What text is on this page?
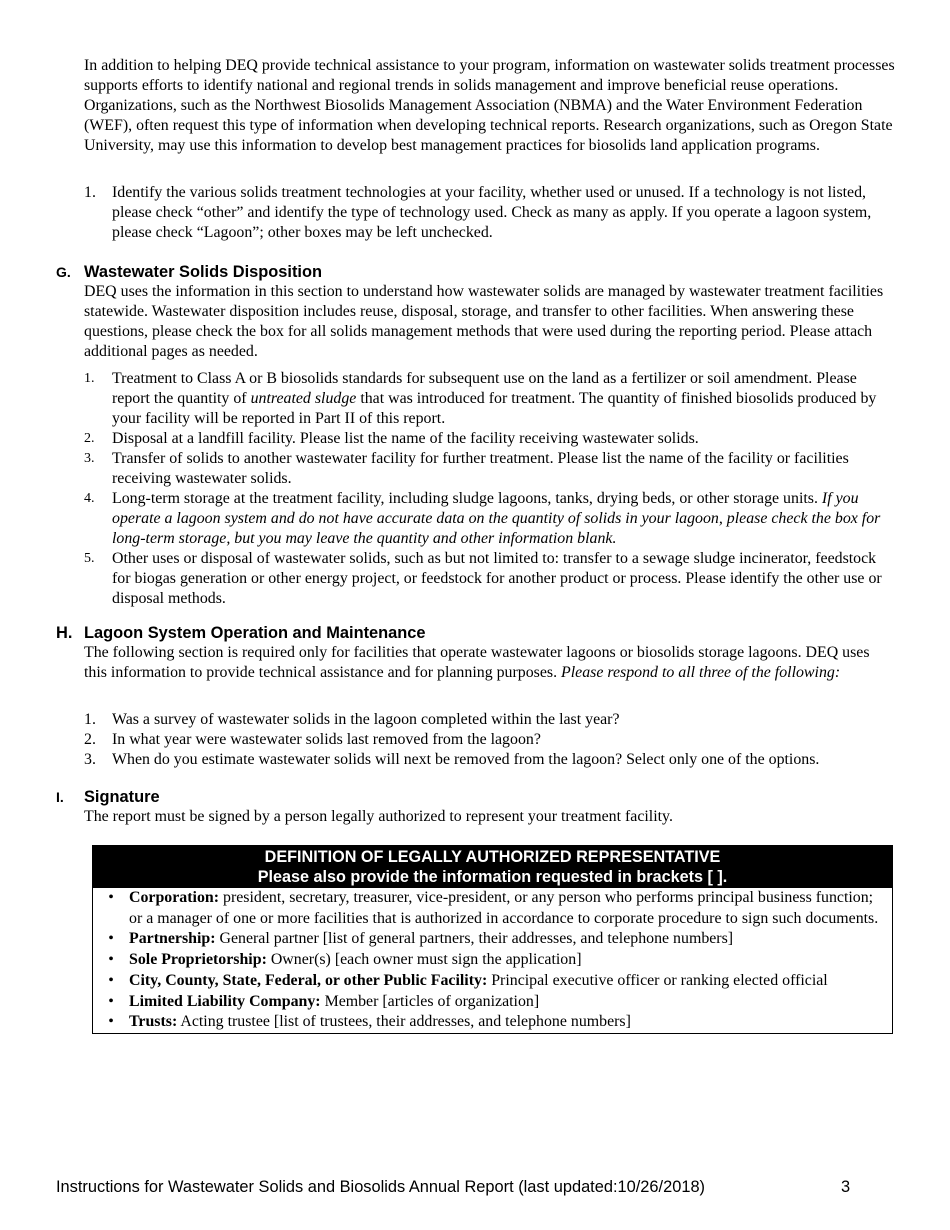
In addition to helping DEQ provide technical assistance to your program, information on wastewater solids treatment processes supports efforts to identify national and regional trends in solids management and improve beneficial reuse operations. Organizations, such as the Northwest Biosolids Management Association (NBMA) and the Water Environment Federation (WEF), often request this type of information when developing technical reports. Research organizations, such as Oregon State University, may use this information to develop best management practices for biosolids land application programs.

1.	Identify the various solids treatment technologies at your facility, whether used or unused. If a technology is not listed, please check “other” and identify the type of technology used. Check as many as apply. If you operate a lagoon system, please check “Lagoon”; other boxes may be left unchecked.
G. Wastewater Solids Disposition

DEQ uses the information in this section to understand how wastewater solids are managed by wastewater treatment facilities statewide. Wastewater disposition includes reuse, disposal, storage, and transfer to other facilities. When answering these questions, please check the box for all solids management methods that were used during the reporting period. Please attach additional pages as needed.

1.	Treatment to Class A or B biosolids standards for subsequent use on the land as a fertilizer or soil amendment. Please report the quantity of untreated sludge that was introduced for treatment. The quantity of finished biosolids produced by your facility will be reported in Part II of this report.
2.	Disposal at a landfill facility. Please list the name of the facility receiving wastewater solids.
3.	Transfer of solids to another wastewater facility for further treatment. Please list the name of the facility or facilities receiving wastewater solids.
4.	Long-term storage at the treatment facility, including sludge lagoons, tanks, drying beds, or other storage units. If you operate a lagoon system and do not have accurate data on the quantity of solids in your lagoon, please check the box for long-term storage, but you may leave the quantity and other information blank.
5.	Other uses or disposal of wastewater solids, such as but not limited to: transfer to a sewage sludge incinerator, feedstock for biogas generation or other energy project, or feedstock for another product or process. Please identify the other use or disposal methods.
H. Lagoon System Operation and Maintenance

The following section is required only for facilities that operate wastewater lagoons or biosolids storage lagoons. DEQ uses this information to provide technical assistance and for planning purposes. Please respond to all three of the following:

1.	Was a survey of wastewater solids in the lagoon completed within the last year?
2.	In what year were wastewater solids last removed from the lagoon?
3.	When do you estimate wastewater solids will next be removed from the lagoon? Select only one of the options.
I. Signature

The report must be signed by a person legally authorized to represent your treatment facility.

DEFINITION OF LEGALLY AUTHORIZED REPRESENTATIVE
Please also provide the information requested in brackets [ ].
• Corporation: president, secretary, treasurer, vice-president, or any person who performs principal business function; or a manager of one or more facilities that is authorized in accordance to corporate procedure to sign such documents.
• Partnership: General partner [list of general partners, their addresses, and telephone numbers]
• Sole Proprietorship: Owner(s) [each owner must sign the application]
• City, County, State, Federal, or other Public Facility: Principal executive officer or ranking elected official
• Limited Liability Company: Member [articles of organization]
• Trusts: Acting trustee [list of trustees, their addresses, and telephone numbers]
Instructions for Wastewater Solids and Biosolids Annual Report (last updated:10/26/2018)	3
